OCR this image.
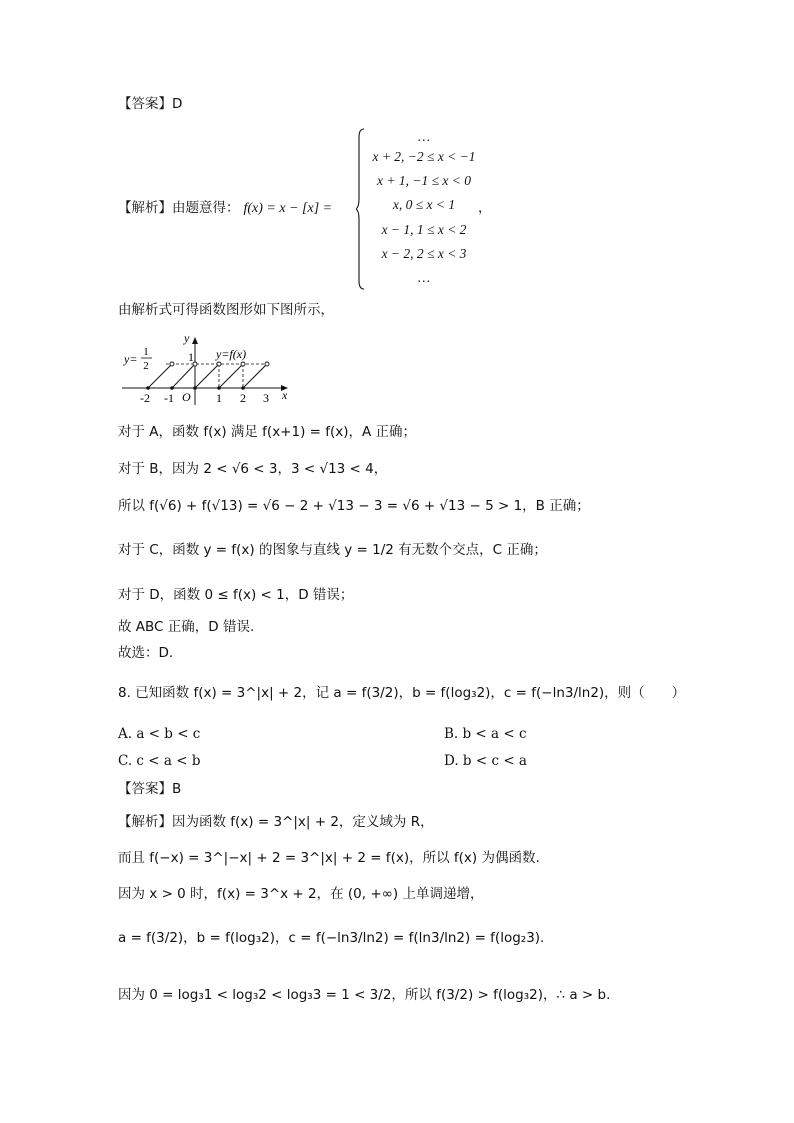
【答案】D
【解析】由题意得： f(x) = x − [x] =
…
x + 2, −2 ≤ x < −1
x + 1, −1 ≤ x < 0
x, 0 ≤ x < 1
x − 1, 1 ≤ x < 2
x − 2, 2 ≤ x < 3
…
，
由解析式可得函数图形如下图所示，
y= 1
2
y
1 y=f(x)
x
O
-2 -1	1 2 3
对于 A，函数 f(x) 满足 f(x+1) = f(x)，A 正确；
对于 B，因为 2 < √6 < 3，3 < √13 < 4，
所以 f(√6) + f(√13) = √6 − 2 + √13 − 3 = √6 + √13 − 5 > 1，B 正确；
对于 C，函数 y = f(x) 的图象与直线 y = 1/2 有无数个交点，C 正确；
对于 D，函数 0 ≤ f(x) < 1，D 错误；
故 ABC 正确，D 错误.
故选：D.
8. 已知函数 f(x) = 3^|x| + 2，记 a = f(3/2)，b = f(log₃2)，c = f(−ln3/ln2)，则（　　）
A. a < b < c	B. b < a < c
C. c < a < b	D. b < c < a
【答案】B
【解析】因为函数 f(x) = 3^|x| + 2，定义域为 R，
而且 f(−x) = 3^|−x| + 2 = 3^|x| + 2 = f(x)，所以 f(x) 为偶函数.
因为 x > 0 时，f(x) = 3^x + 2，在 (0, +∞) 上单调递增，
a = f(3/2)，b = f(log₃2)，c = f(−ln3/ln2) = f(ln3/ln2) = f(log₂3).
因为 0 = log₃1 < log₃2 < log₃3 = 1 < 3/2，所以 f(3/2) > f(log₃2)，∴ a > b.
